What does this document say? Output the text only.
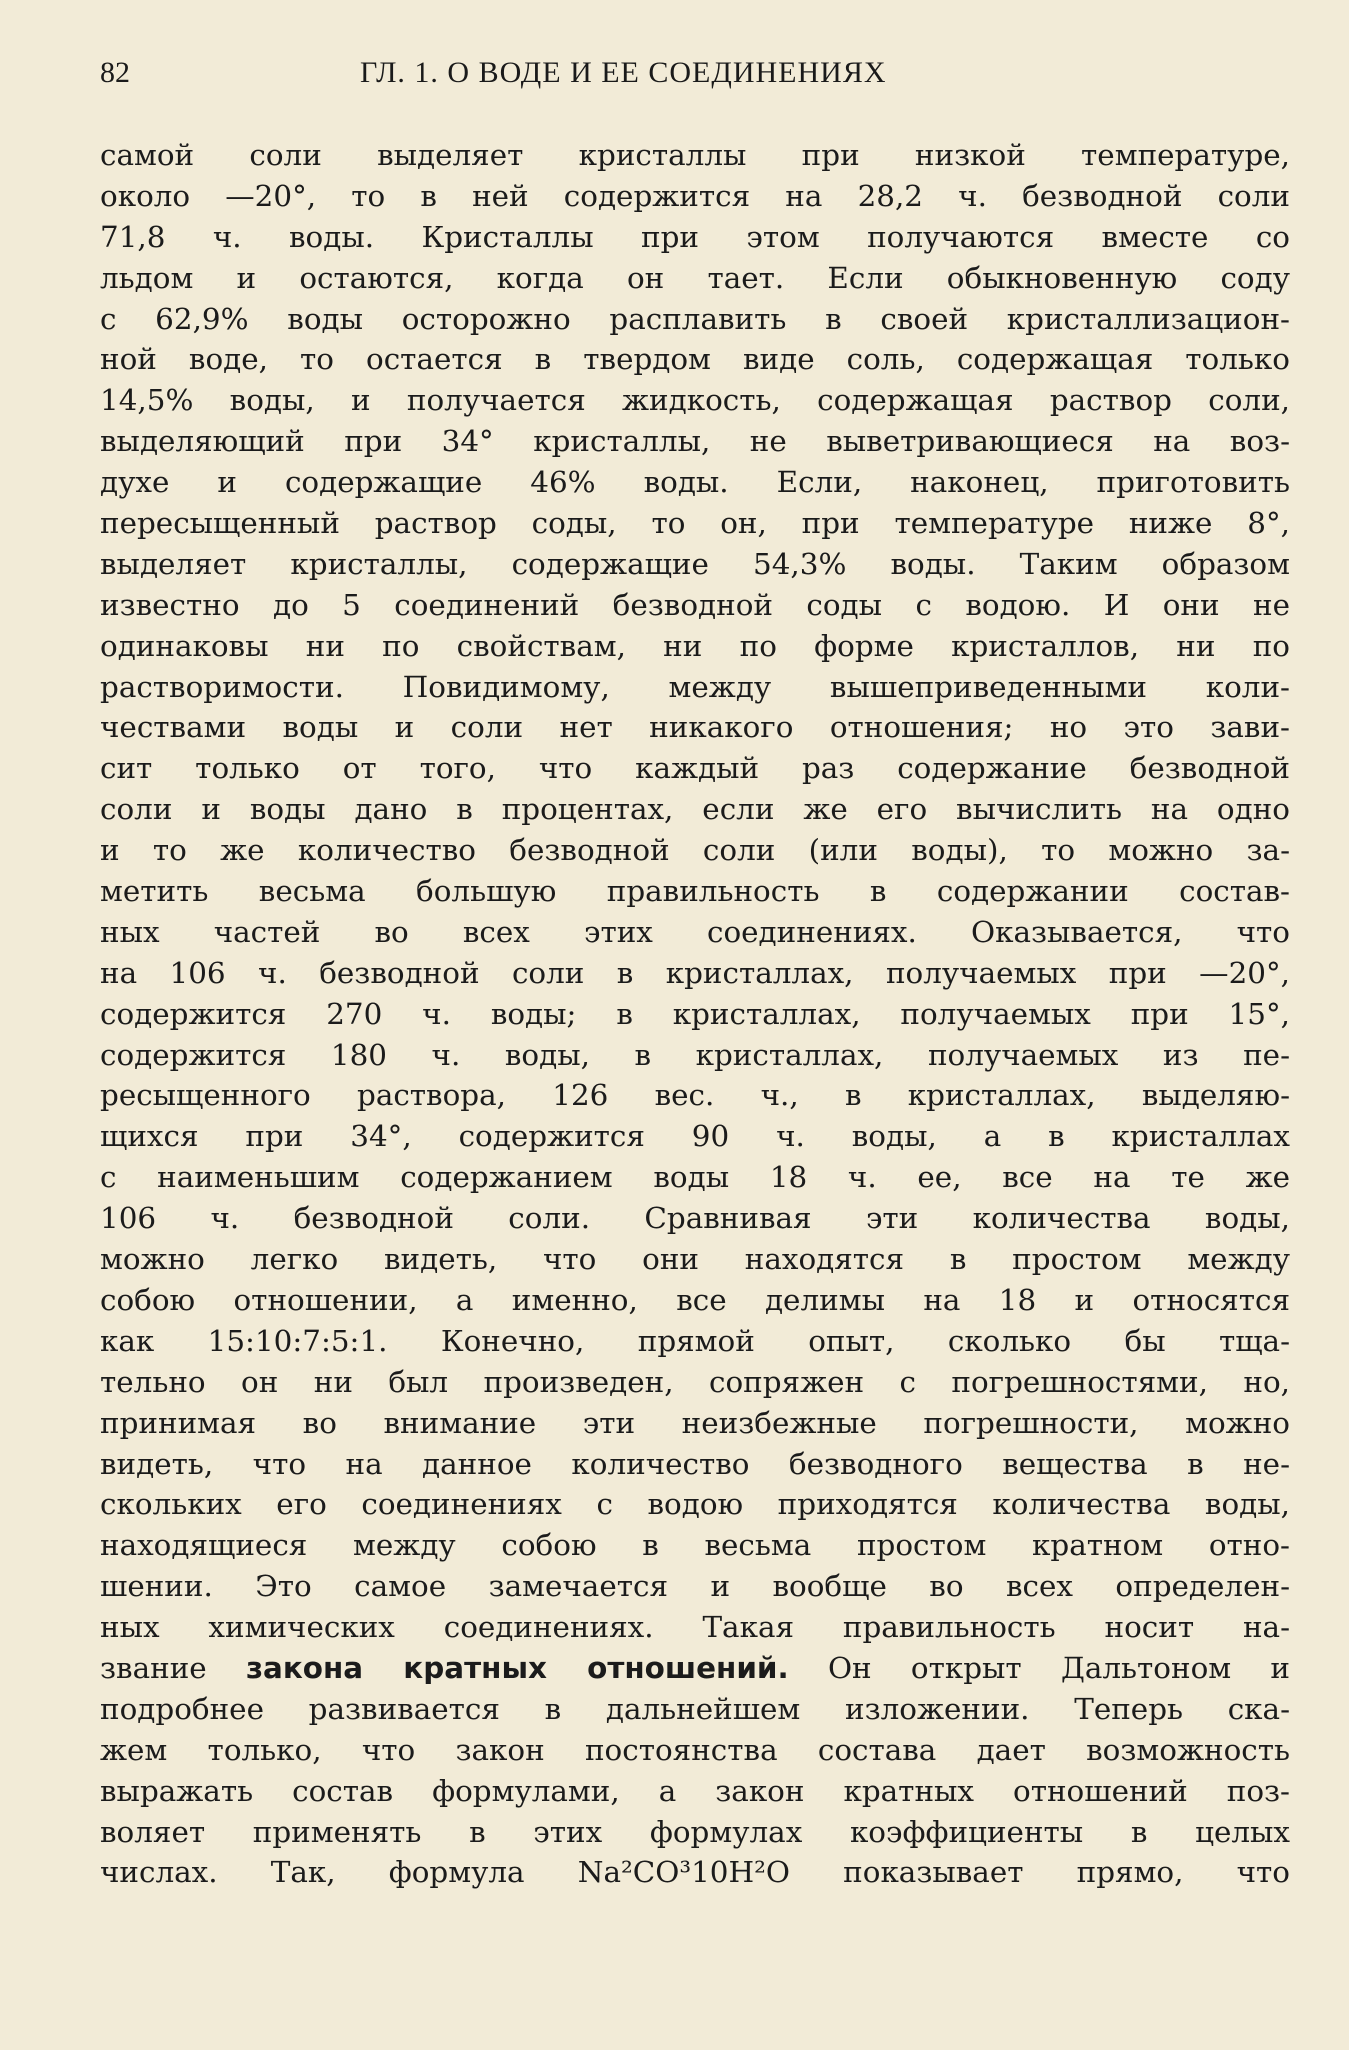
82	ГЛ. 1. О ВОДЕ И ЕЕ СОЕДИНЕНИЯХ
самой соли выделяет кристаллы при низкой температуре,
около —20°, то в ней содержится на 28,2 ч. безводной соли
71,8 ч. воды. Кристаллы при этом получаются вместе со
льдом и остаются, когда он тает. Если обыкновенную соду
с 62,9% воды осторожно расплавить в своей кристаллизацион-
ной воде, то остается в твердом виде соль, содержащая только
14,5% воды, и получается жидкость, содержащая раствор соли,
выделяющий при 34° кристаллы, не выветривающиеся на воз-
духе и содержащие 46% воды. Если, наконец, приготовить
пересыщенный раствор соды, то он, при температуре ниже 8°,
выделяет кристаллы, содержащие 54,3% воды. Таким образом
известно до 5 соединений безводной соды с водою. И они не
одинаковы ни по свойствам, ни по форме кристаллов, ни по
растворимости. Повидимому, между вышеприведенными коли-
чествами воды и соли нет никакого отношения; но это зави-
сит только от того, что каждый раз содержание безводной
соли и воды дано в процентах, если же его вычислить на одно
и то же количество безводной соли (или воды), то можно за-
метить весьма большую правильность в содержании состав-
ных частей во всех этих соединениях. Оказывается, что
на 106 ч. безводной соли в кристаллах, получаемых при —20°,
содержится 270 ч. воды; в кристаллах, получаемых при 15°,
содержится 180 ч. воды, в кристаллах, получаемых из пе-
ресыщенного раствора, 126 вес. ч., в кристаллах, выделяю-
щихся при 34°, содержится 90 ч. воды, а в кристаллах
с наименьшим содержанием воды 18 ч. ее, все на те же
106 ч. безводной соли. Сравнивая эти количества воды,
можно легко видеть, что они находятся в простом между
собою отношении, а именно, все делимы на 18 и относятся
как 15:10:7:5:1. Конечно, прямой опыт, сколько бы тща-
тельно он ни был произведен, сопряжен с погрешностями, но,
принимая во внимание эти неизбежные погрешности, можно
видеть, что на данное количество безводного вещества в не-
скольких его соединениях с водою приходятся количества воды,
находящиеся между собою в весьма простом кратном отно-
шении. Это самое замечается и вообще во всех определен-
ных химических соединениях. Такая правильность носит на-
звание закона кратных отношений. Он открыт Дальтоном и
подробнее развивается в дальнейшем изложении. Теперь ска-
жем только, что закон постоянства состава дает возможность
выражать состав формулами, а закон кратных отношений поз-
воляет применять в этих формулах коэффициенты в целых
числах. Так, формула Na²CO³10H²O показывает прямо, что
